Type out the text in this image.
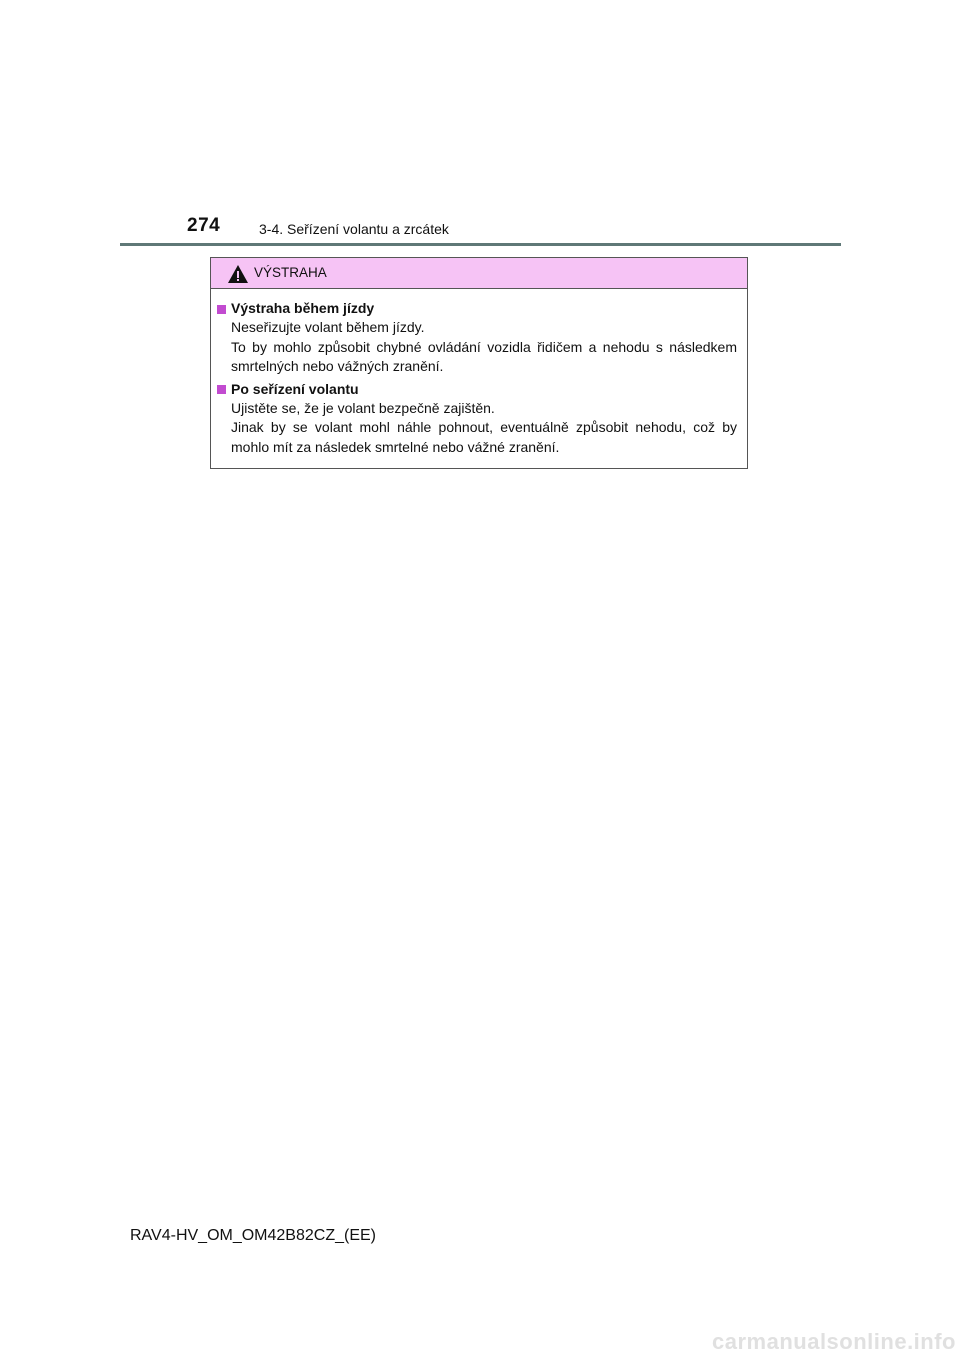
274	3-4. Seřízení volantu a zrcátek
VÝSTRAHA
Výstraha během jízdy

Neseřizujte volant během jízdy.

To by mohlo způsobit chybné ovládání vozidla řidičem a nehodu s následkem smrtelných nebo vážných zranění.

Po seřízení volantu

Ujistěte se, že je volant bezpečně zajištěn.

Jinak by se volant mohl náhle pohnout, eventuálně způsobit nehodu, což by mohlo mít za následek smrtelné nebo vážné zranění.

RAV4-HV_OM_OM42B82CZ_(EE)
carmanualsonline.info
